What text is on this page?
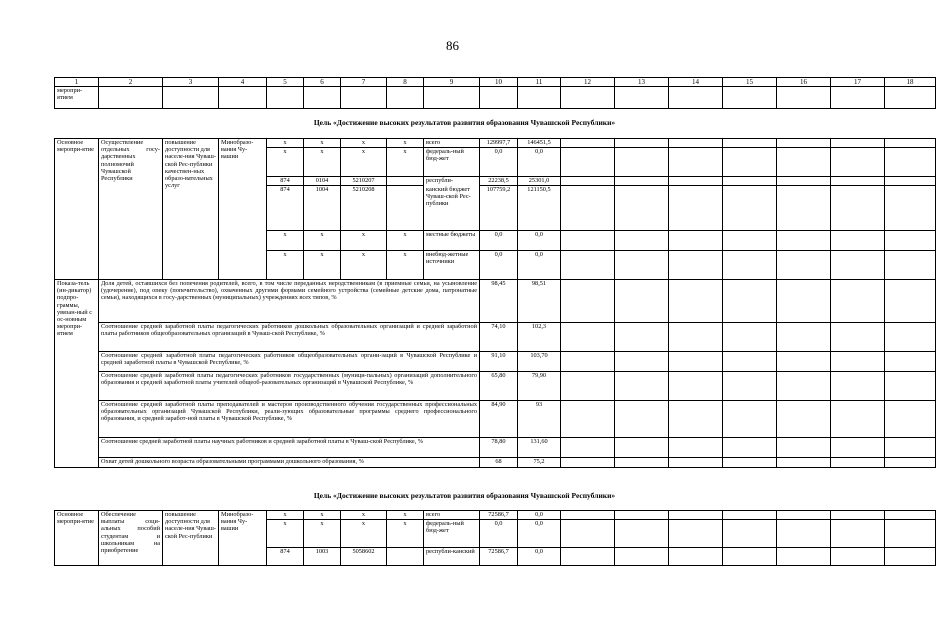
86
1	2	3	4	5	6	7	8	9	10	11	12	13	14	15	16	17	18
меропри-ятием																	
Цель «Достижение высоких результатов развития образования Чувашской Республики»
Основное меропри-ятие	Осуществление отдельных госу-дарственных полномочий Чувашской Республики	повышение доступности для населе-ния Чуваш-ской Рес-публики качествен-ных образо-вательных услуг	Минобразо-вания Чу-вашии	x	x	x	x	всего	129997,7	146451,5							
				x	x	x	x	федераль-ный бюд-жет	0,0	0,0							
				874	0104	5210207		республи-	22238,5	25301,0							
				874	1004	5210208		канский бюджет Чуваш-ской Рес-публики	107759,2	121150,5							
				x	x	x	x	местные бюджеты	0,0	0,0							
				x	x	x	x	внебюд-жетные источники	0,0	0,0							
Показа-тель (ин-дикатор) подпро-граммы, увязан-ный с ос-новным меропри-ятием	Доля детей, оставшихся без попечения родителей, всего, в том числе переданных неродственникам (в приемные семьи, на усыновление (удочерение), под опеку (попечительство), охваченных другими формами семейного устройства (семейные детские дома, патронатные семьи), находящихся в госу-дарственных (муниципальных) учреждениях всех типов, %								98,45	98,51							
	Соотношение средней заработной платы педагогических работников дошкольных образовательных организаций и средней заработной платы работников общеобразовательных организаций в Чуваш-ской Республике, %								74,10	102,3							
	Соотношение средней заработной платы педагогических работников общеобразовательных органи-заций в Чувашской Республике и средней заработной платы в Чувашской Республике, %								91,10	103,70							
	Соотношение средней заработной платы педагогических работников государственных (муници-пальных) организаций дополнительного образования и средней заработной платы учителей общеоб-разовательных организаций в Чувашской Республике, %								65,80	79,90							
	Соотношение средней заработной платы преподавателей и мастеров производственного обучения государственных профессиональных образовательных организаций Чувашской Республики, реали-зующих образовательные программы среднего профессионального образования, и средней заработ-ной платы в Чувашской Республике, %								84,90	93							
	Соотношение средней заработной платы научных работников и средней заработной платы в Чуваш-ской Республике, %								78,80	131,60							
	Охват детей дошкольного возраста образовательными программами дошкольного образования, %								68	75,2							
Цель «Достижение высоких результатов развития образования Чувашской Республики»
Основное меропри-ятие	Обеспечение выплаты соци-альных пособий студентам и школьникам на приобретение	повышение доступности для населе-ния Чуваш-ской Рес-публики	Минобразо-вания Чу-вашии	x	x	x	x	всего	72586,7	0,0							
				x	x	x	x	федераль-ный бюд-жет	0,0	0,0							
				874	1003	5058602		республи-канский	72586,7	0,0							
